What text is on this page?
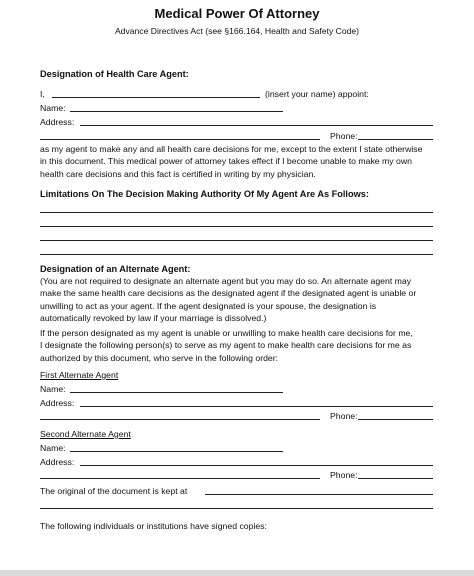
Medical Power Of Attorney
Advance Directives Act (see §166.164, Health and Safety Code)
Designation of Health Care Agent:
I,	(insert your name) appoint:
Name:
Address:
Phone:
as my agent to make any and all health care decisions for me, except to the extent I state otherwise
in this document. This medical power of attorney takes effect if I become unable to make my own
health care decisions and this fact is certified in writing by my physician.
Limitations On The Decision Making Authority Of My Agent Are As Follows:
Designation of an Alternate Agent:
(You are not required to designate an alternate agent but you may do so. An alternate agent may
make the same health care decisions as the designated agent if the designated agent is unable or
unwilling to act as your agent. If the agent designated is your spouse, the designation is
automatically revoked by law if your marriage is dissolved.)
If the person designated as my agent is unable or unwilling to make health care decisions for me,
I designate the following person(s) to serve as my agent to make health care decisions for me as
authorized by this document, who serve in the following order:
First Alternate Agent
Name:
Address:
Phone:
Second Alternate Agent
Name:
Address:
Phone:
The original of the document is kept at
The following individuals or institutions have signed copies:
